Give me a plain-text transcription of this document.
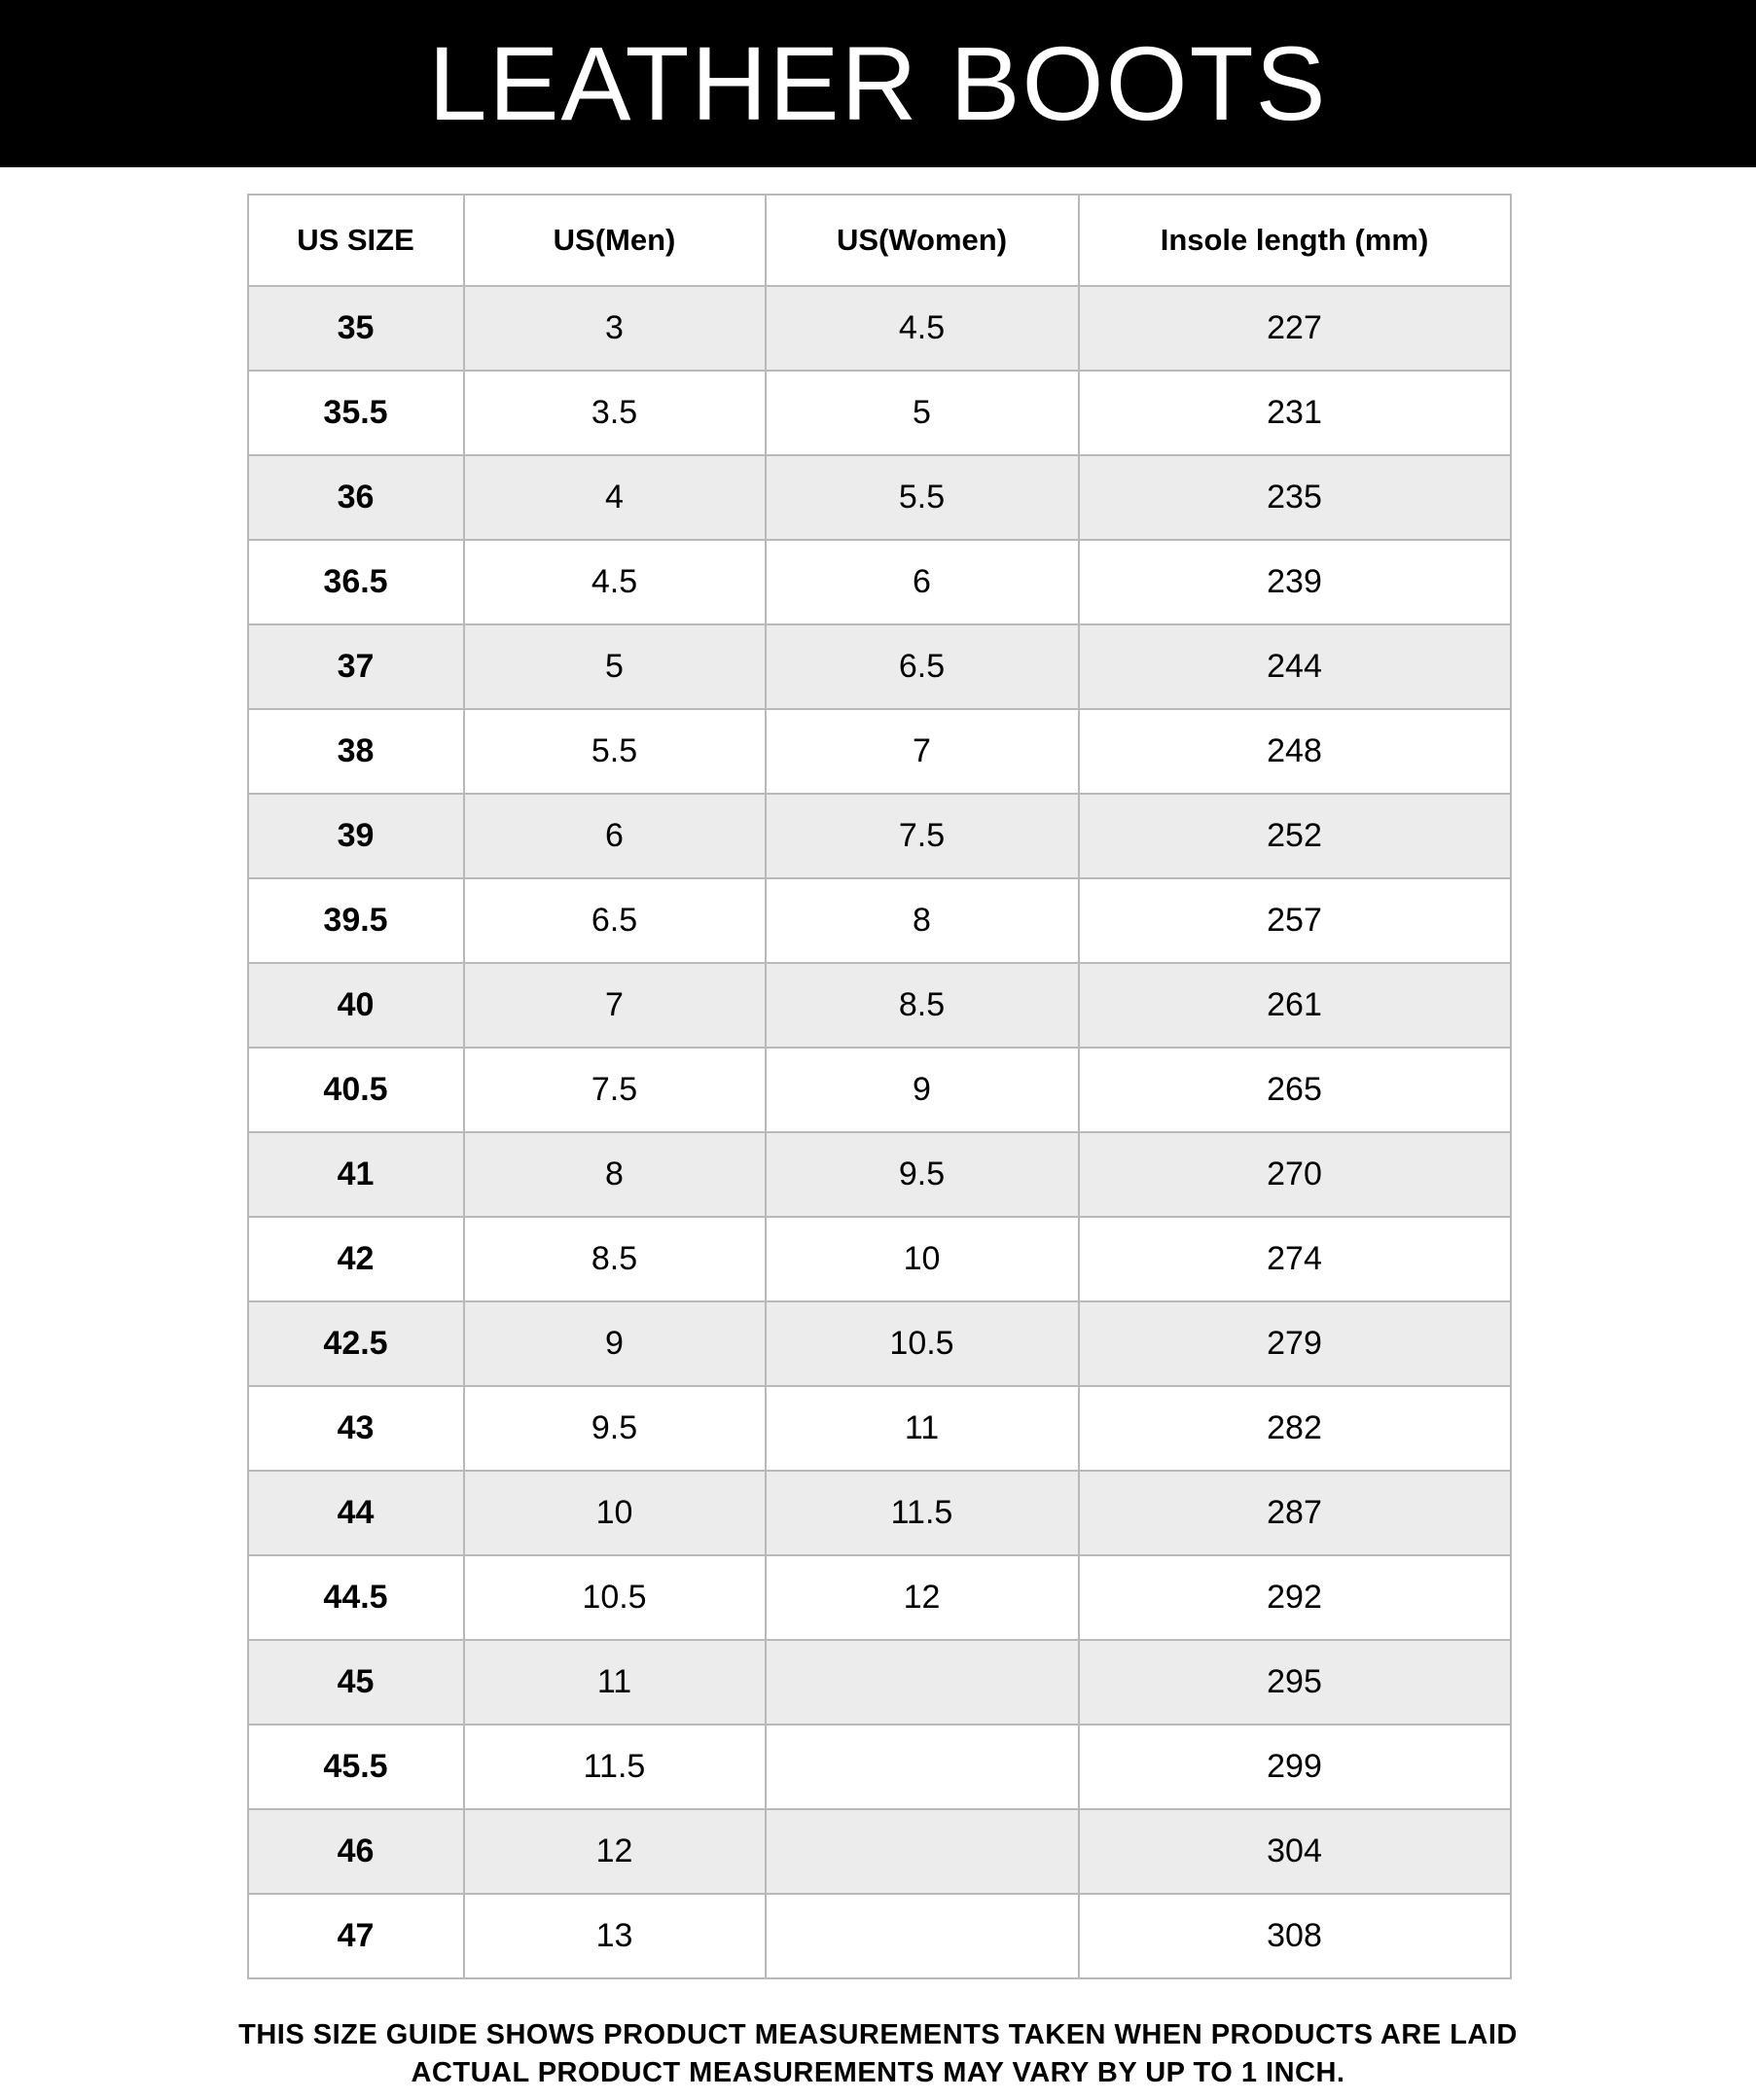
LEATHER BOOTS
US SIZE	US(Men)	US(Women)	Insole length (mm)
35	3	4.5	227
35.5	3.5	5	231
36	4	5.5	235
36.5	4.5	6	239
37	5	6.5	244
38	5.5	7	248
39	6	7.5	252
39.5	6.5	8	257
40	7	8.5	261
40.5	7.5	9	265
41	8	9.5	270
42	8.5	10	274
42.5	9	10.5	279
43	9.5	11	282
44	10	11.5	287
44.5	10.5	12	292
45	11		295
45.5	11.5		299
46	12		304
47	13		308
THIS SIZE GUIDE SHOWS PRODUCT MEASUREMENTS TAKEN WHEN PRODUCTS ARE LAID
ACTUAL PRODUCT MEASUREMENTS MAY VARY BY UP TO 1 INCH.
